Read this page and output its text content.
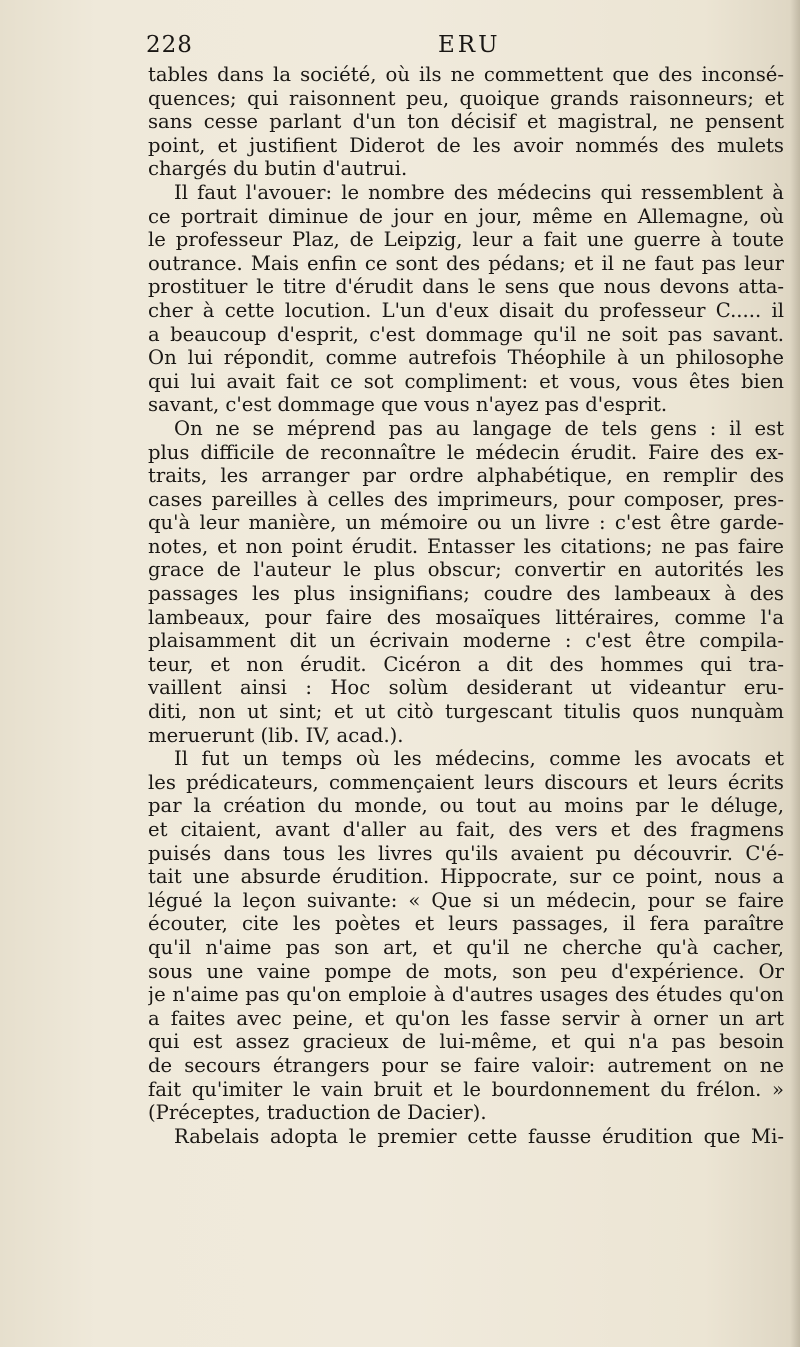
228	ERU
tables dans la société, où ils ne commettent que des inconsé-
quences; qui raisonnent peu, quoique grands raisonneurs; et
sans cesse parlant d'un ton décisif et magistral, ne pensent
point, et justifient Diderot de les avoir nommés des mulets
chargés du butin d'autrui.
Il faut l'avouer: le nombre des médecins qui ressemblent à
ce portrait diminue de jour en jour, même en Allemagne, où
le professeur Plaz, de Leipzig, leur a fait une guerre à toute
outrance. Mais enfin ce sont des pédans; et il ne faut pas leur
prostituer le titre d'érudit dans le sens que nous devons atta-
cher à cette locution. L'un d'eux disait du professeur C..... il
a beaucoup d'esprit, c'est dommage qu'il ne soit pas savant.
On lui répondit, comme autrefois Théophile à un philosophe
qui lui avait fait ce sot compliment: et vous, vous êtes bien
savant, c'est dommage que vous n'ayez pas d'esprit.
On ne se méprend pas au langage de tels gens : il est
plus difficile de reconnaître le médecin érudit. Faire des ex-
traits, les arranger par ordre alphabétique, en remplir des
cases pareilles à celles des imprimeurs, pour composer, pres-
qu'à leur manière, un mémoire ou un livre : c'est être garde-
notes, et non point érudit. Entasser les citations; ne pas faire
grace de l'auteur le plus obscur; convertir en autorités les
passages les plus insignifians; coudre des lambeaux à des
lambeaux, pour faire des mosaïques littéraires, comme l'a
plaisamment dit un écrivain moderne : c'est être compila-
teur, et non érudit. Cicéron a dit des hommes qui tra-
vaillent ainsi : Hoc solùm desiderant ut videantur eru-
diti, non ut sint; et ut citò turgescant titulis quos nunquàm
meruerunt (lib. IV, acad.).
Il fut un temps où les médecins, comme les avocats et
les prédicateurs, commençaient leurs discours et leurs écrits
par la création du monde, ou tout au moins par le déluge,
et citaient, avant d'aller au fait, des vers et des fragmens
puisés dans tous les livres qu'ils avaient pu découvrir. C'é-
tait une absurde érudition. Hippocrate, sur ce point, nous a
légué la leçon suivante: « Que si un médecin, pour se faire
écouter, cite les poètes et leurs passages, il fera paraître
qu'il n'aime pas son art, et qu'il ne cherche qu'à cacher,
sous une vaine pompe de mots, son peu d'expérience. Or
je n'aime pas qu'on emploie à d'autres usages des études qu'on
a faites avec peine, et qu'on les fasse servir à orner un art
qui est assez gracieux de lui-même, et qui n'a pas besoin
de secours étrangers pour se faire valoir: autrement on ne
fait qu'imiter le vain bruit et le bourdonnement du frélon. »
(Préceptes, traduction de Dacier).
Rabelais adopta le premier cette fausse érudition que Mi-
